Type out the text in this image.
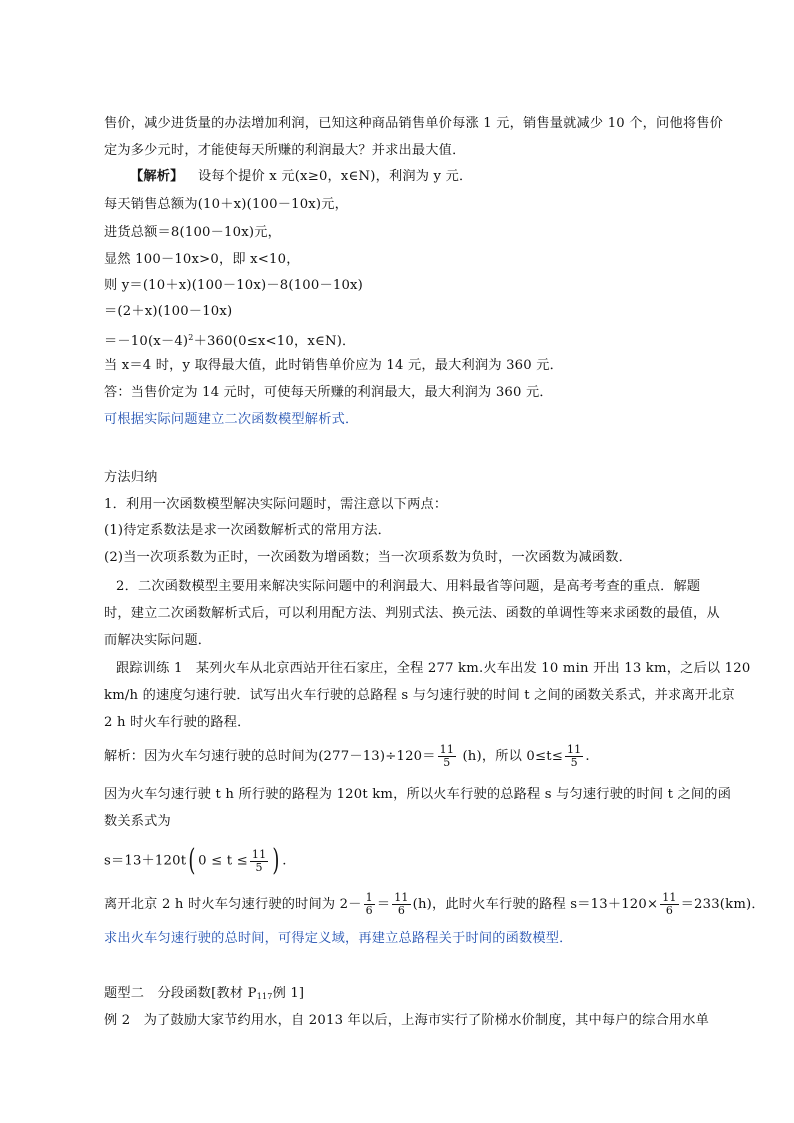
售价，减少进货量的办法增加利润，已知这种商品销售单价每涨 1 元，销售量就减少 10 个，问他将售价
定为多少元时，才能使每天所赚的利润最大？并求出最大值．
【解析】 设每个提价 x 元(x≥0，x∈N)，利润为 y 元．
每天销售总额为(10＋x)(100－10x)元，
进货总额＝8(100－10x)元，
显然 100－10x>0，即 x<10，
则 y＝(10＋x)(100－10x)－8(100－10x)
＝(2＋x)(100－10x)
$=-10(x-4)^2+360(0\le x<10$，x∈N)．
当 x＝4 时，y 取得最大值，此时销售单价应为 14 元，最大利润为 360 元．
答：当售价定为 14 元时，可使每天所赚的利润最大，最大利润为 360 元．
可根据实际问题建立二次函数模型解析式．
方法归纳
1．利用一次函数模型解决实际问题时，需注意以下两点：
(1)待定系数法是求一次函数解析式的常用方法．
(2)当一次项系数为正时，一次函数为增函数；当一次项系数为负时，一次函数为减函数．
2．二次函数模型主要用来解决实际问题中的利润最大、用料最省等问题，是高考考查的重点．解题
时，建立二次函数解析式后，可以利用配方法、判别式法、换元法、函数的单调性等来求函数的最值，从
而解决实际问题．
跟踪训练 1　某列火车从北京西站开往石家庄，全程 277 km.火车出发 10 min 开出 13 km，之后以 120
km/h 的速度匀速行驶．试写出火车行驶的总路程 s 与匀速行驶的时间 t 之间的函数关系式，并求离开北京
2 h 时火车行驶的路程．
解析：因为火车匀速行驶的总时间为$(277-13)\div 120= \frac{11}{5} (h)$，所以 $0\le t\le \frac{11}{5}$ .
因为火车匀速行驶 t h 所行驶的路程为 120t km，所以火车行驶的总路程 s 与匀速行驶的时间 t 之间的函
数关系式为
s＝13＋120t( $0 \le t \le \frac{11}{5}$ ) .
离开北京 2 h 时火车匀速行驶的时间为 $2- \frac{1}{6} = \frac{11}{6} (h)$，此时火车行驶的路程 $s=13+120\times \frac{11}{6} =233(km)$．
求出火车匀速行驶的总时间，可得定义域，再建立总路程关于时间的函数模型．
题型二　分段函数[教材 $P_{117}$例 1]
例 2　为了鼓励大家节约用水，自 2013 年以后，上海市实行了阶梯水价制度，其中每户的综合用水单
